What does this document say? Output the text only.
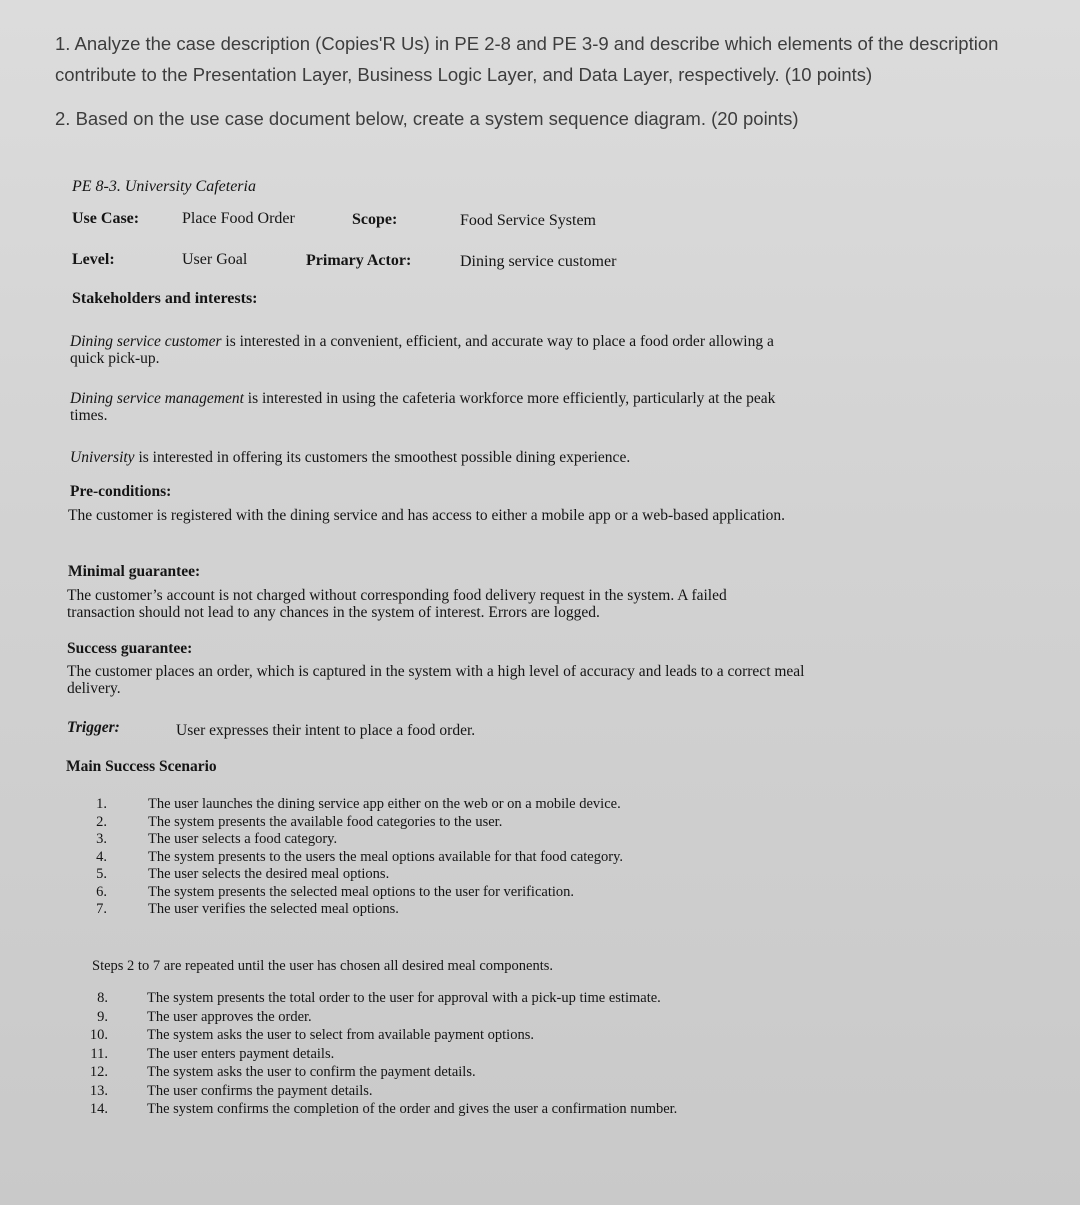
1. Analyze the case description (Copies'R Us) in PE 2-8 and PE 3-9 and describe which elements of the description contribute to the Presentation Layer, Business Logic Layer, and Data Layer, respectively. (10 points)
2. Based on the use case document below, create a system sequence diagram. (20 points)
PE 8-3. University Cafeteria
Use Case:	Place Food Order	Scope:	Food Service System
Level:	User Goal	Primary Actor:	Dining service customer
Stakeholders and interests:
Dining service customer is interested in a convenient, efficient, and accurate way to place a food order allowing a quick pick-up.
Dining service management is interested in using the cafeteria workforce more efficiently, particularly at the peak times.
University is interested in offering its customers the smoothest possible dining experience.
Pre-conditions:
The customer is registered with the dining service and has access to either a mobile app or a web-based application.
Minimal guarantee:
The customer’s account is not charged without corresponding food delivery request in the system. A failed transaction should not lead to any chances in the system of interest. Errors are logged.
Success guarantee:
The customer places an order, which is captured in the system with a high level of accuracy and leads to a correct meal delivery.
Trigger:	User expresses their intent to place a food order.
Main Success Scenario
1.	The user launches the dining service app either on the web or on a mobile device.
2.	The system presents the available food categories to the user.
3.	The user selects a food category.
4.	The system presents to the users the meal options available for that food category.
5.	The user selects the desired meal options.
6.	The system presents the selected meal options to the user for verification.
7.	The user verifies the selected meal options.
Steps 2 to 7 are repeated until the user has chosen all desired meal components.
8.	The system presents the total order to the user for approval with a pick-up time estimate.
9.	The user approves the order.
10.	The system asks the user to select from available payment options.
11.	The user enters payment details.
12.	The system asks the user to confirm the payment details.
13.	The user confirms the payment details.
14.	The system confirms the completion of the order and gives the user a confirmation number.
